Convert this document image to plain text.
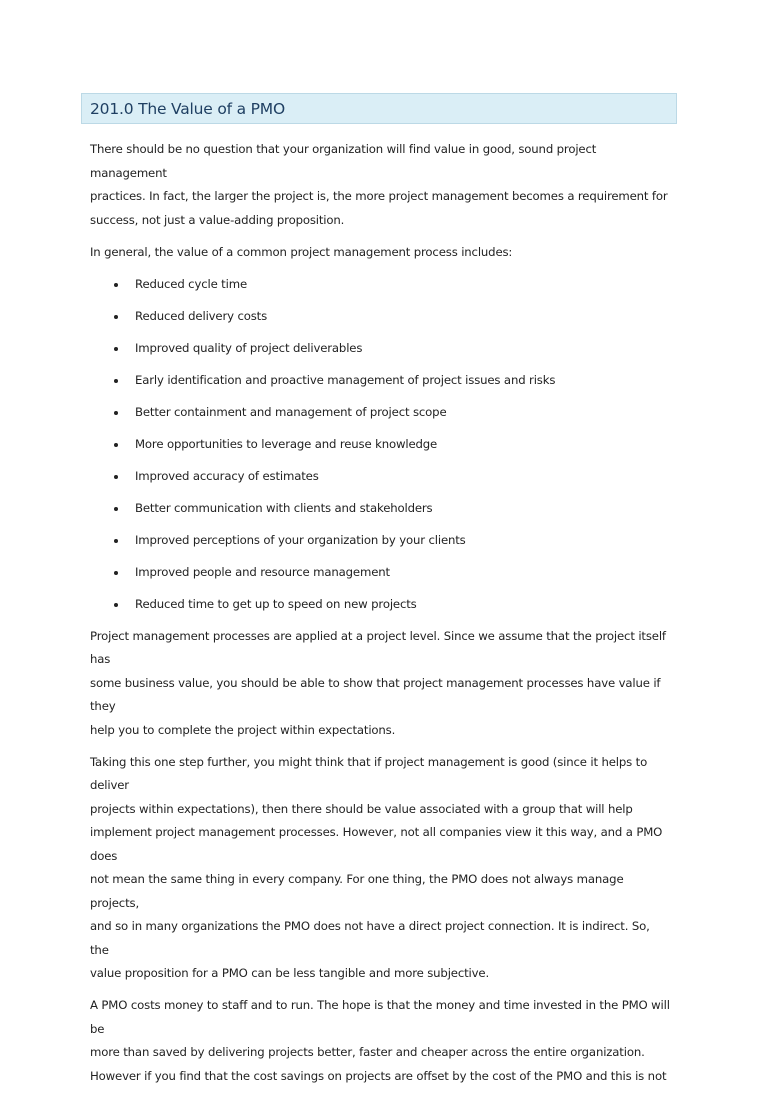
201.0 The Value of a PMO

There should be no question that your organization will find value in good, sound project management
practices. In fact, the larger the project is, the more project management becomes a requirement for
success, not just a value-adding proposition.

In general, the value of a common project management process includes:

Reduced cycle time
Reduced delivery costs
Improved quality of project deliverables
Early identification and proactive management of project issues and risks
Better containment and management of project scope
More opportunities to leverage and reuse knowledge
Improved accuracy of estimates
Better communication with clients and stakeholders
Improved perceptions of your organization by your clients
Improved people and resource management
Reduced time to get up to speed on new projects

Project management processes are applied at a project level. Since we assume that the project itself has
some business value, you should be able to show that project management processes have value if they
help you to complete the project within expectations.

Taking this one step further, you might think that if project management is good (since it helps to deliver
projects within expectations), then there should be value associated with a group that will help
implement project management processes. However, not all companies view it this way, and a PMO does
not mean the same thing in every company. For one thing, the PMO does not always manage projects,
and so in many organizations the PMO does not have a direct project connection. It is indirect. So, the
value proposition for a PMO can be less tangible and more subjective.

A PMO costs money to staff and to run. The hope is that the money and time invested in the PMO will be
more than saved by delivering projects better, faster and cheaper across the entire organization.
However if you find that the cost savings on projects are offset by the cost of the PMO and this is not
